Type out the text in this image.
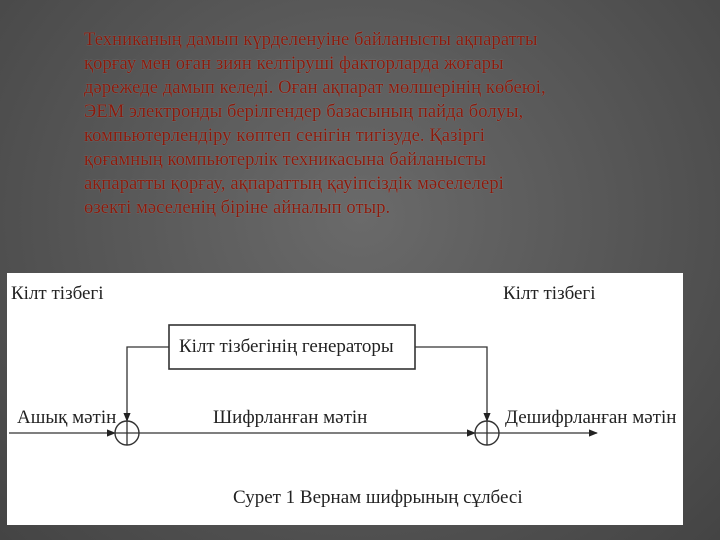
Техниканың дамып күрделенуіне байланысты ақпаратты

қорғау мен оған зиян келтіруші факторларда жоғары

дәрежеде дамып келеді. Оған ақпарат мөлшерінің көбеюі,

ЭЕМ электронды берілгендер базасының пайда болуы,

компьютерлендіру көптеп сенігін тигізуде. Қазіргі

қоғамның компьютерлік техникасына байланысты

ақпаратты қорғау, ақпараттың қауіпсіздік мәселелері

өзекті мәселенің біріне айналып отыр.

Кілт тізбегі	Кілт тізбегі
Кілт тізбегінің генераторы
Ашық мәтін	Шифрланған мәтін	Дешифрланған мәтін
Сурет 1 Вернам шифрының сұлбесі
